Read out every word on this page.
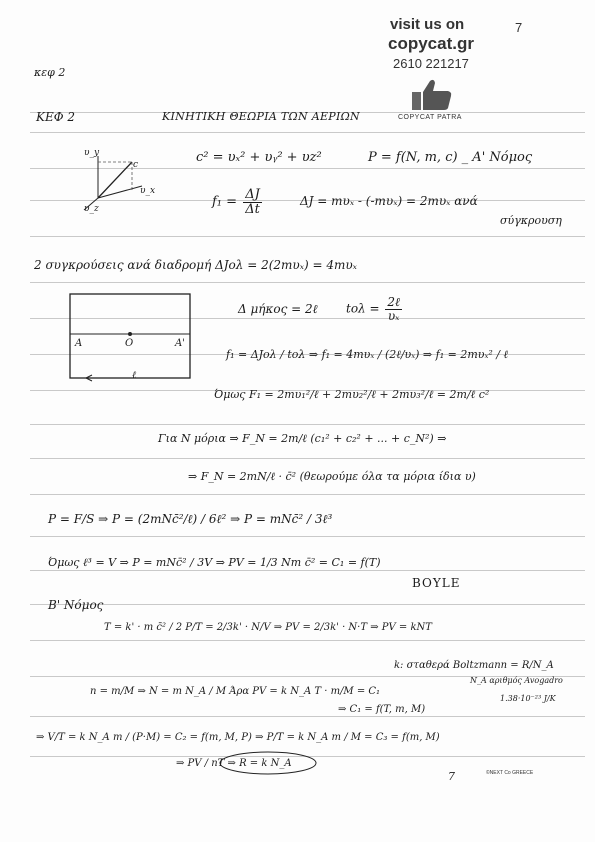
visit us on
copycat.gr
2610 221217
7
COPYCAT PATRA
κεφ 2
ΚΕΦ 2	ΚΙΝΗΤΙΚΗ ΘΕΩΡΙΑ ΤΩΝ ΑΕΡΙΩΝ
υ_y
υ_z
υ_x
c	c² = υₓ² + υᵧ² + υz²	P = f(N, m, c) _ Α' Νόμος
$f_1 = \frac{\Delta J}{\Delta t}$	ΔJ = mυₓ - (-mυₓ) = 2mυₓ ανά
σύγκρουση
2 συγκρούσεις ανά διαδρομή ΔJολ = 2(2mυₓ) = 4mυₓ
Α	Ο	Α'
ℓ
Δ μήκος = 2ℓ $to\lambda = \frac{\text{2ℓ}}{\text{υₓ}}$
f₁ = ΔJολ / tολ ⇒ f₁ = 4mυₓ / (2ℓ/υₓ) ⇒ f₁ = 2mυₓ² / ℓ
Όμως F₁ = 2mυ₁²/ℓ + 2mυ₂²/ℓ + 2mυ₃²/ℓ = 2m/ℓ c²
Για N μόρια ⇒ F_N = 2m/ℓ (c₁² + c₂² + ... + c_N²) ⇒
⇒ F_N = 2mN/ℓ · c̄² (θεωρούμε όλα τα μόρια ίδια υ)
P = F/S ⇒ P = (2mNc̄²/ℓ) / 6ℓ² ⇒ P = mNc̄² / 3ℓ³
Όμως ℓ³ = V ⇒ P = mNc̄² / 3V ⇒ PV = 1/3 Nm c̄² = C₁ = f(T)
BOYLE
Β' Νόμος
T = k' · m c̄² / 2 P/T = 2/3k' · N/V ⇒ PV = 2/3k' · N·T ⇒ PV = kNT
k: σταθερά Boltzmann = R/N_A
n = m/M ⇒ N = m N_A / M Άρα PV = k N_A T · m/M = C₁
Ν_A αριθμός Avogadro
1.38·10⁻²³ J/K
⇒ C₁ = f(T, m, M)
⇒ V/T = k N_A m / (P·M) = C₂ = f(m, M, P) ⇒ P/T = k N_A m / M = C₃ = f(m, M)
⇒ PV / nT ⇒ R = k N_A
7	©NEXT Co GREECE
